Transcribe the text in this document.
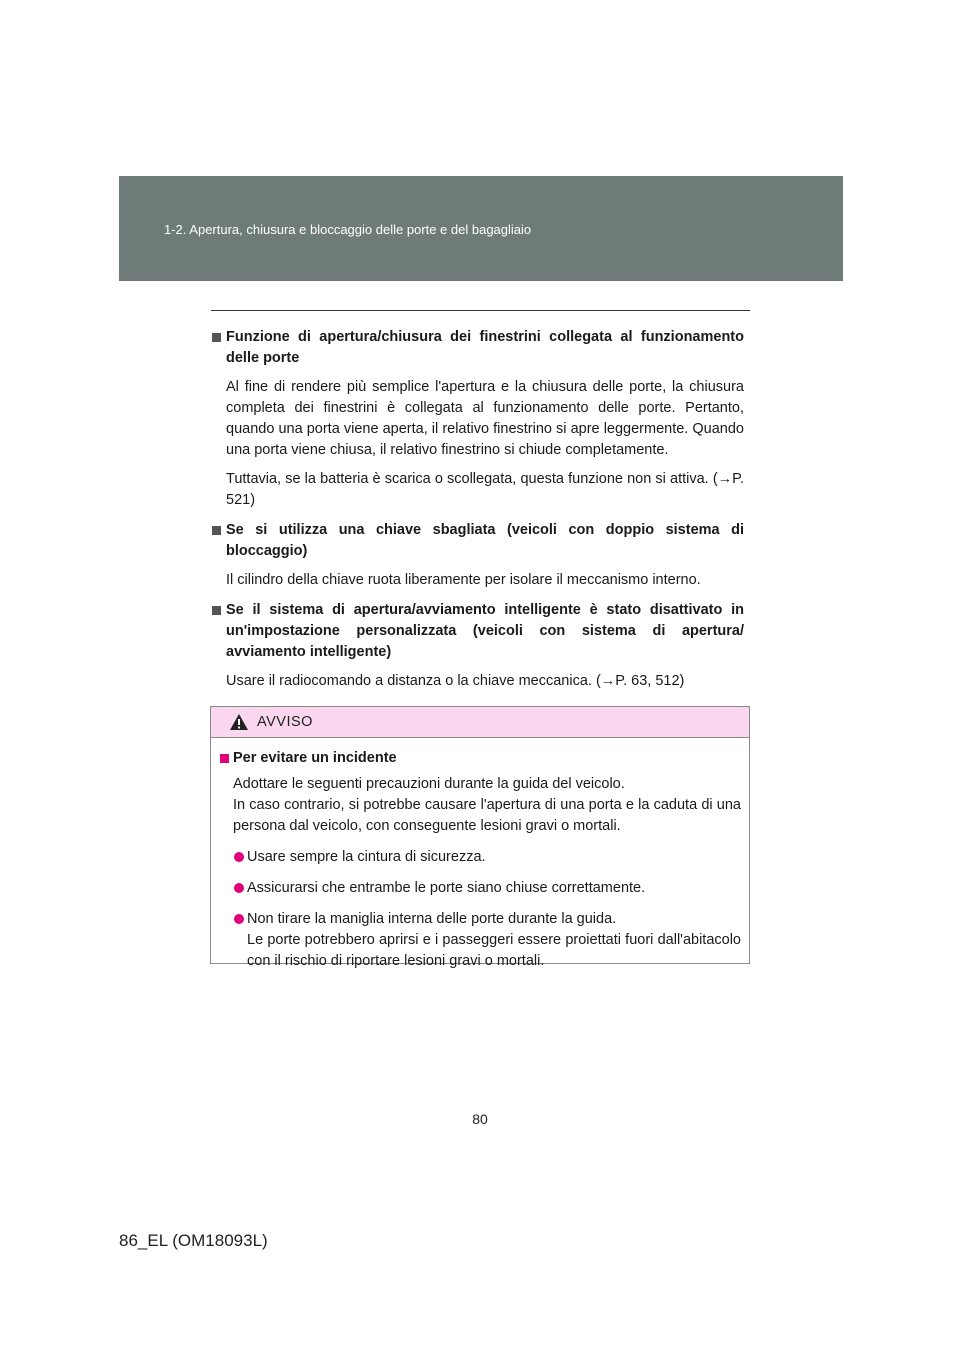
1-2. Apertura, chiusura e bloccaggio delle porte e del bagagliaio

Funzione di apertura/chiusura dei finestrini collegata al funzionamento delle porte

Al fine di rendere più semplice l'apertura e la chiusura delle porte, la chiusura completa dei finestrini è collegata al funzionamento delle porte. Pertanto, quando una porta viene aperta, il relativo finestrino si apre leggermente. Quando una porta viene chiusa, il relativo finestrino si chiude completamente.

Tuttavia, se la batteria è scarica o scollegata, questa funzione non si attiva. (→P. 521)

Se si utilizza una chiave sbagliata (veicoli con doppio sistema di bloccaggio)

Il cilindro della chiave ruota liberamente per isolare il meccanismo interno.

Se il sistema di apertura/avviamento intelligente è stato disattivato in un'impostazione personalizzata (veicoli con sistema di apertura/ avviamento intelligente)

Usare il radiocomando a distanza o la chiave meccanica. (→P. 63, 512)

AVVISO

Per evitare un incidente

Adottare le seguenti precauzioni durante la guida del veicolo.
In caso contrario, si potrebbe causare l'apertura di una porta e la caduta di una persona dal veicolo, con conseguente lesioni gravi o mortali.

Usare sempre la cintura di sicurezza.

Assicurarsi che entrambe le porte siano chiuse correttamente.

Non tirare la maniglia interna delle porte durante la guida.
Le porte potrebbero aprirsi e i passeggeri essere proiettati fuori dall'abitacolo con il rischio di riportare lesioni gravi o mortali.

80
86_EL (OM18093L)
